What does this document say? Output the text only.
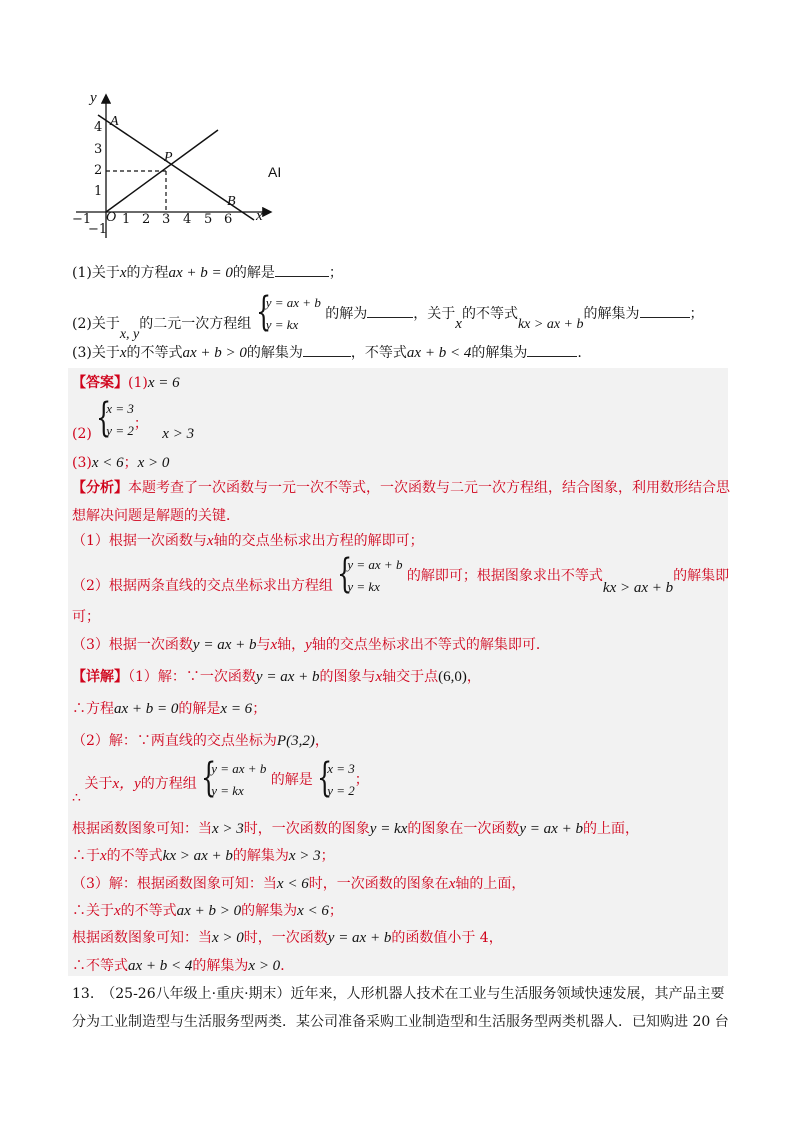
y
x
O
A
P
B
4
3
2
1
−1
−1 1 2 3 4 5 6
AI
(1)关于x的方程ax + b = 0的解是	；
(2)关于x, y的二元一次方程组 {
y = ax + b
y = kx
的解为	，关于x的不等式kx > ax + b的解集为	；
(3)关于x的不等式ax + b > 0的解集为	，不等式ax + b < 4的解集为	.
【答案】(1)x = 6
(2) {
x = 3
y = 2 ； x > 3
(3)x < 6；x > 0
【分析】本题考查了一次函数与一元一次不等式，一次函数与二元一次方程组，结合图象，利用数形结合思想解决问题是解题的关键．
（1）根据一次函数与x轴的交点坐标求出方程的解即可；
（2）根据两条直线的交点坐标求出方程组 {
y = ax + b
y = kx
的解即可；根据图象求出不等式kx > ax + b的解集即
可；
（3）根据一次函数y = ax + b与x轴，y轴的交点坐标求出不等式的解集即可．
【详解】（1）解：∵一次函数y = ax + b的图象与x轴交于点(6,0)，
∴方程ax + b = 0的解是x = 6；
（2）解：∵两直线的交点坐标为P(3,2)，
∴
关于x，y的方程组 {
y = ax + b
y = kx
的解是 {
x = 3
y = 2
；
根据函数图象可知：当x > 3时，一次函数的图象y = kx的图象在一次函数y = ax + b的上面，
∴于x的不等式kx > ax + b的解集为x > 3；
（3）解：根据函数图象可知：当x < 6时，一次函数的图象在x轴的上面，
∴关于x的不等式ax + b > 0的解集为x < 6；
根据函数图象可知：当x > 0时，一次函数y = ax + b的函数值小于 4，
∴不等式ax + b < 4的解集为x > 0．
13.　（25-26八年级上·重庆·期末）近年来，人形机器人技术在工业与生活服务领域快速发展，其产品主要分为工业制造型与生活服务型两类．某公司准备采购工业制造型和生活服务型两类机器人．已知购进 20 台
